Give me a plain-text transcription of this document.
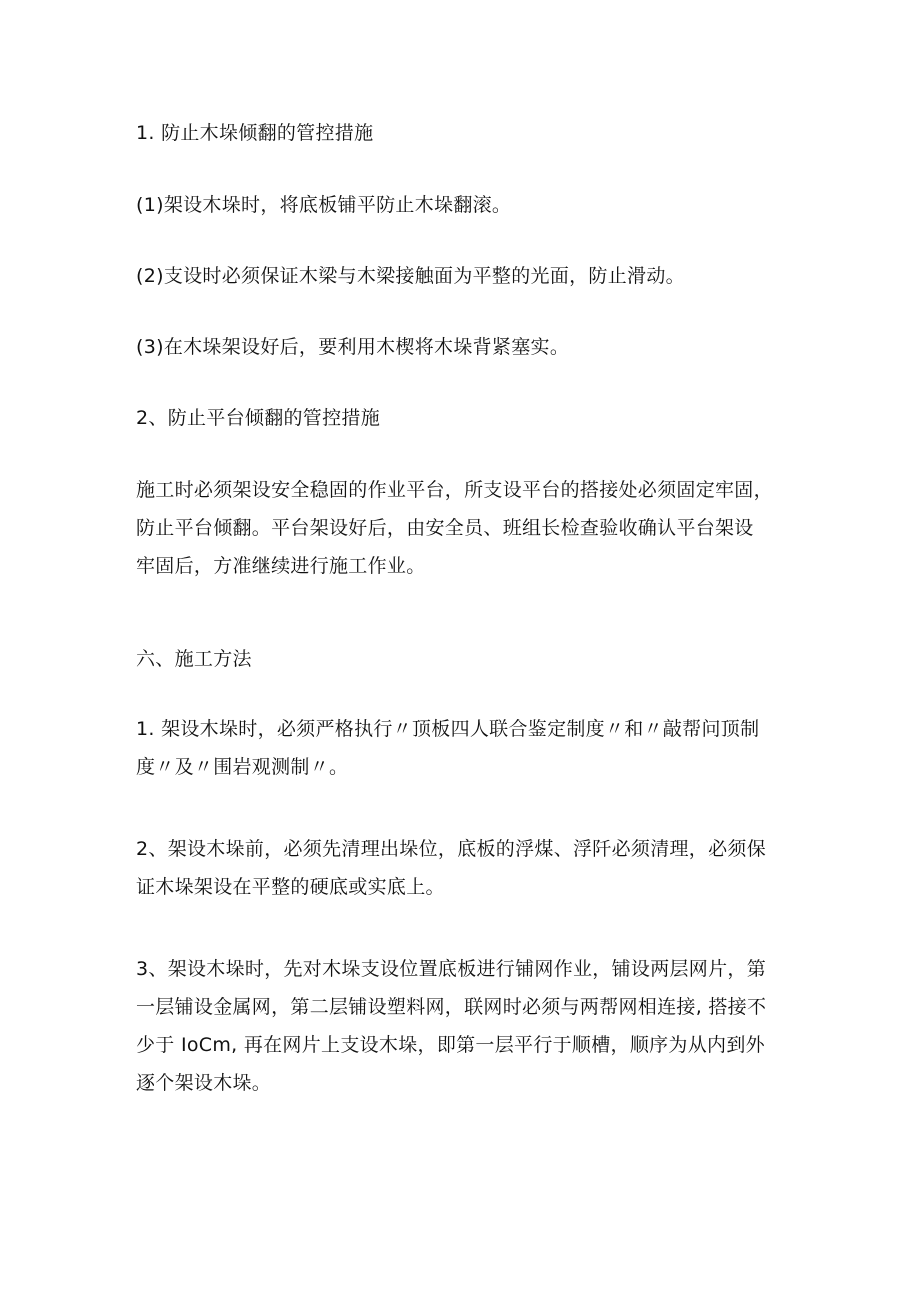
1. 防止木垛倾翻的管控措施

(1)架设木垛时，将底板铺平防止木垛翻滚。

(2)支设时必须保证木梁与木梁接触面为平整的光面，防止滑动。

(3)在木垛架设好后，要利用木楔将木垛背紧塞实。

2、防止平台倾翻的管控措施

施工时必须架设安全稳固的作业平台，所支设平台的搭接处必须固定牢固，
防止平台倾翻。平台架设好后，由安全员、班组长检查验收确认平台架设
牢固后，方准继续进行施工作业。

六、施工方法

1. 架设木垛时，必须严格执行〃顶板四人联合鉴定制度〃和〃敲帮问顶制
度〃及〃围岩观测制〃。

2、架设木垛前，必须先清理出垛位，底板的浮煤、浮阡必须清理，必须保
证木垛架设在平整的硬底或实底上。

3、架设木垛时，先对木垛支设位置底板进行铺网作业，铺设两层网片，第
一层铺设金属网，第二层铺设塑料网，联网时必须与两帮网相连接, 搭接不
少于 IoCm, 再在网片上支设木垛，即第一层平行于顺槽，顺序为从内到外
逐个架设木垛。
